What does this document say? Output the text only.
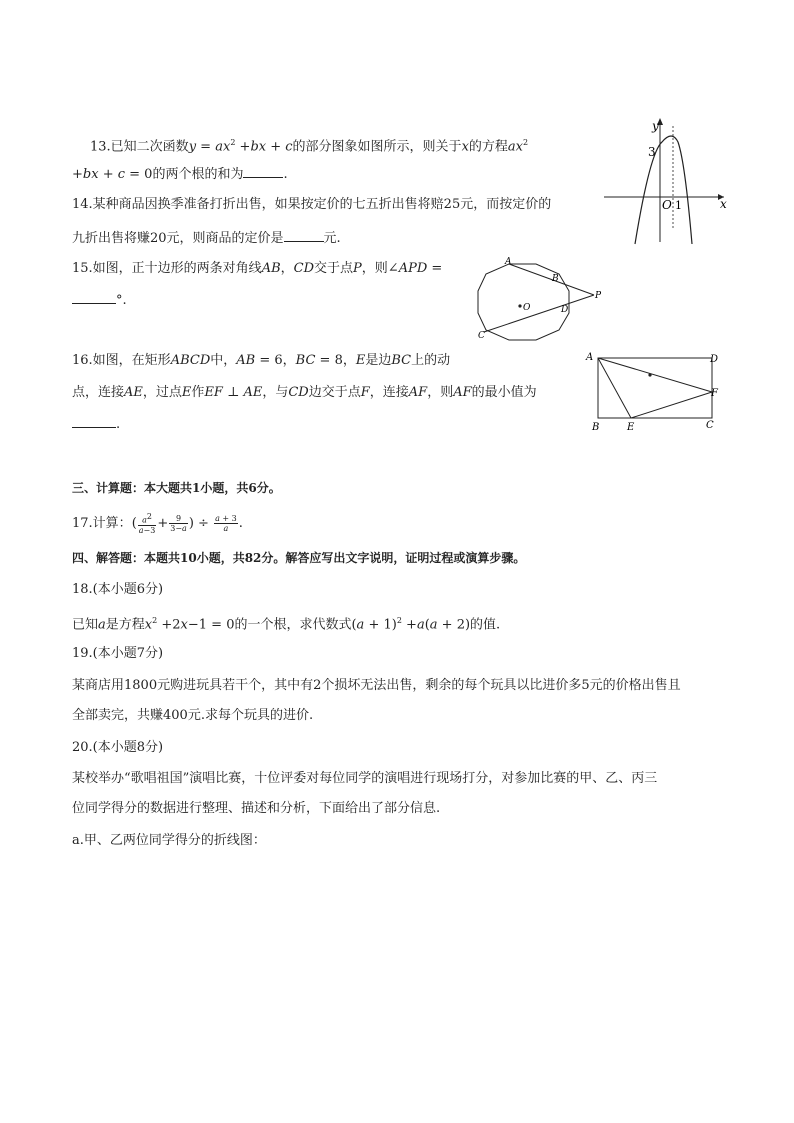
13.已知二次函数$y = ax^2 +bx + c$的部分图象如图所示，则关于x的方程$ax^2$
+bx + c = 0的两个根的和为	.
14.某种商品因换季准备打折出售，如果按定价的七五折出售将赔25元，而按定价的
九折出售将赚20元，则商品的定价是	元.
15.如图，正十边形的两条对角线AB，CD交于点P，则∠APD =
°.
16.如图，在矩形ABCD中，AB = 6，BC = 8，E是边BC上的动
点，连接AE，过点E作EF ⊥ AE，与CD边交于点F，连接AF，则AF的最小值为
.
三、计算题：本大题共1小题，共6分。
17.计算：( $\frac{a^2}{a-3} + \frac{9}{3-a}$ ) ÷ $\frac{a + 3}{a}$ .
四、解答题：本题共10小题，共82分。解答应写出文字说明，证明过程或演算步骤。
18.(本小题6分)
已知a是方程$x^2 +2x-1 = 0$的一个根，求代数式$(a + 1)^2 +a(a + 2)$的值.
19.(本小题7分)
某商店用1800元购进玩具若干个，其中有2个损坏无法出售，剩余的每个玩具以比进价多5元的价格出售且
全部卖完，共赚400元.求每个玩具的进价.
20.(本小题8分)
某校举办“歌唱祖国”演唱比赛，十位评委对每位同学的演唱进行现场打分，对参加比赛的甲、乙、丙三
位同学得分的数据进行整理、描述和分析，下面给出了部分信息.
a.甲、乙两位同学得分的折线图：
y
x
O 1
3
A
B
C
D
P
O
A
B	C
D
E
F
